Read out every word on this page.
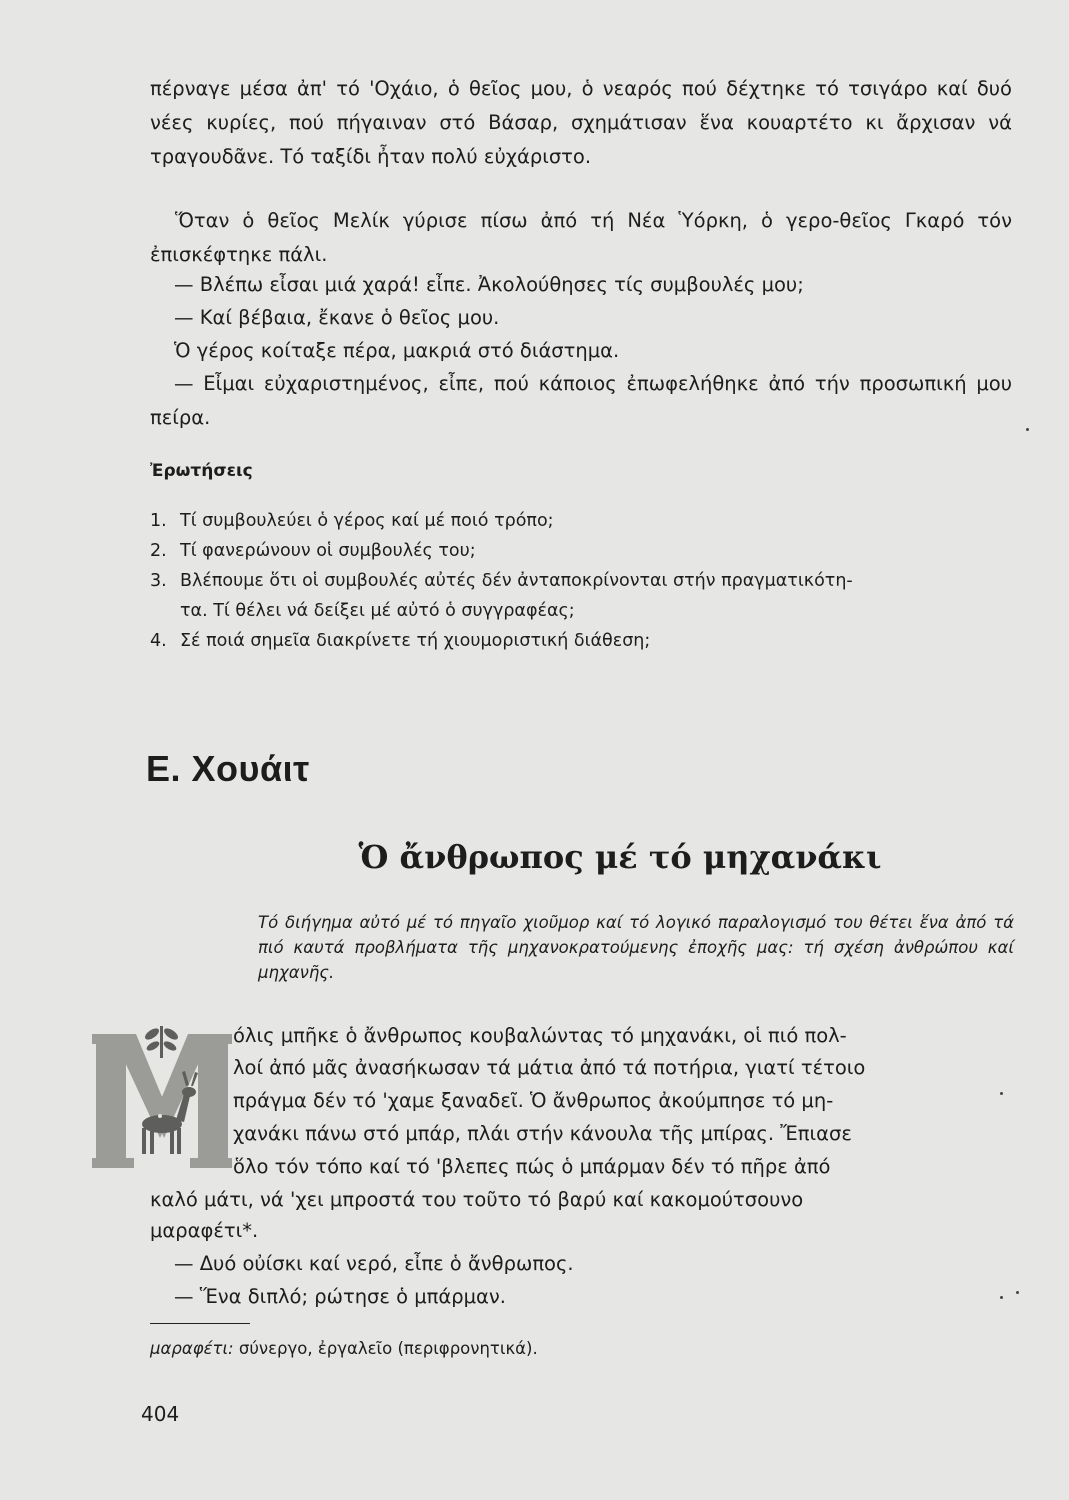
πέρναγε μέσα ἀπ' τό 'Οχάιο, ὁ θεῖος μου, ὁ νεαρός πού δέχτηκε τό τσιγάρο καί δυό νέες κυρίες, πού πήγαιναν στό Βάσαρ, σχημάτισαν ἕνα κουαρτέτο κι ἄρχισαν νά τραγουδᾶνε. Τό ταξίδι ἦταν πολύ εὐχάριστο.

Ὅταν ὁ θεῖος Μελίκ γύρισε πίσω ἀπό τή Νέα Ὑόρκη, ὁ γερο-θεῖος Γκαρό τόν ἐπισκέφτηκε πάλι.

— Βλέπω εἶσαι μιά χαρά! εἶπε. Ἀκολούθησες τίς συμβουλές μου;
— Καί βέβαια, ἔκανε ὁ θεῖος μου.
Ὁ γέρος κοίταξε πέρα, μακριά στό διάστημα.

— Εἶμαι εὐχαριστημένος, εἶπε, πού κάποιος ἐπωφελήθηκε ἀπό τήν προσωπική μου πείρα.

Ἐρωτήσεις
1. Τί συμβουλεύει ὁ γέρος καί μέ ποιό τρόπο;
2. Τί φανερώνουν οἱ συμβουλές του;
3. Βλέπουμε ὅτι οἱ συμβουλές αὐτές δέν ἀνταποκρίνονται στήν πραγματικότη-
τα. Τί θέλει νά δείξει μέ αὐτό ὁ συγγραφέας;
4. Σέ ποιά σημεῖα διακρίνετε τή χιουμοριστική διάθεση;
Ε. Χουάιτ
Ὁ ἄνθρωπος μέ τό μηχανάκι
Τό διήγημα αὐτό μέ τό πηγαῖο χιοῦμορ καί τό λογικό παραλογισμό του θέτει ἕνα ἀπό τά πιό καυτά προβλήματα τῆς μηχανοκρατούμενης ἐποχῆς μας: τή σχέση ἀνθρώπου καί μηχανῆς.
όλις μπῆκε ὁ ἄνθρωπος κουβαλώντας τό μηχανάκι, οἱ πιό πολ-
λοί ἀπό μᾶς ἀνασήκωσαν τά μάτια ἀπό τά ποτήρια, γιατί τέτοιο
πράγμα δέν τό 'χαμε ξαναδεῖ. Ὁ ἄνθρωπος ἀκούμπησε τό μη-
χανάκι πάνω στό μπάρ, πλάι στήν κάνουλα τῆς μπίρας. Ἔπιασε
ὅλο τόν τόπο καί τό 'βλεπες πώς ὁ μπάρμαν δέν τό πῆρε ἀπό
καλό μάτι, νά 'χει μπροστά του τοῦτο τό βαρύ καί κακομούτσουνο
μαραφέτι*.
— Δυό οὐίσκι καί νερό, εἶπε ὁ ἄνθρωπος.
— Ἕνα διπλό; ρώτησε ὁ μπάρμαν.
μαραφέτι: σύνεργο, ἐργαλεῖο (περιφρονητικά).
404
